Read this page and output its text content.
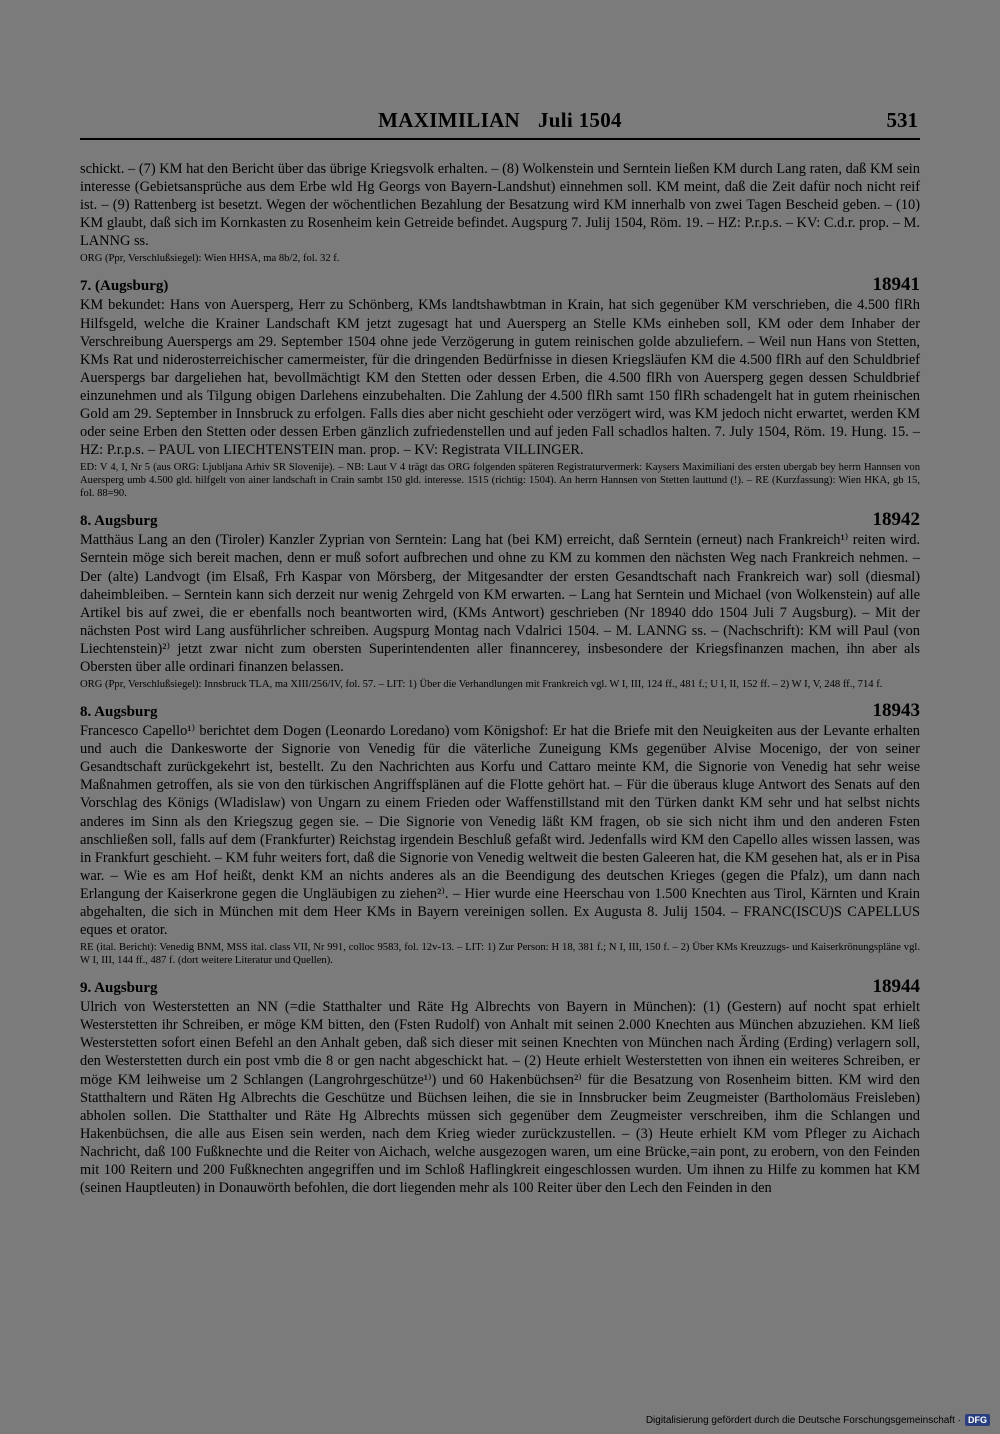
MAXIMILIAN Juli 1504	531
schickt. – (7) KM hat den Bericht über das übrige Kriegsvolk erhalten. – (8) Wolkenstein und Serntein ließen KM durch Lang raten, daß KM sein interesse (Gebietsansprüche aus dem Erbe wld Hg Georgs von Bayern-Landshut) einnehmen soll. KM meint, daß die Zeit dafür noch nicht reif ist. – (9) Rattenberg ist besetzt. Wegen der wöchentlichen Bezahlung der Besatzung wird KM innerhalb von zwei Tagen Bescheid geben. – (10) KM glaubt, daß sich im Kornkasten zu Rosenheim kein Getreide befindet. Augspurg 7. Julij 1504, Röm. 19. – HZ: P.r.p.s. – KV: C.d.r. prop. – M. LANNG ss.
ORG (Ppr, Verschlußsiegel): Wien HHSA, ma 8b/2, fol. 32 f.
7. (Augsburg)	18941
KM bekundet: Hans von Auersperg, Herr zu Schönberg, KMs landtshawbtman in Krain, hat sich gegenüber KM verschrieben, die 4.500 flRh Hilfsgeld, welche die Krainer Landschaft KM jetzt zugesagt hat und Auersperg an Stelle KMs einheben soll, KM oder dem Inhaber der Verschreibung Auerspergs am 29. September 1504 ohne jede Verzögerung in gutem reinischen golde abzuliefern. – Weil nun Hans von Stetten, KMs Rat und niderosterreichischer camermeister, für die dringenden Bedürfnisse in diesen Kriegsläufen KM die 4.500 flRh auf den Schuldbrief Auerspergs bar dargeliehen hat, bevollmächtigt KM den Stetten oder dessen Erben, die 4.500 flRh von Auersperg gegen dessen Schuldbrief einzunehmen und als Tilgung obigen Darlehens einzubehalten. Die Zahlung der 4.500 flRh samt 150 flRh schadengelt hat in gutem rheinischen Gold am 29. September in Innsbruck zu erfolgen. Falls dies aber nicht geschieht oder verzögert wird, was KM jedoch nicht erwartet, werden KM oder seine Erben den Stetten oder dessen Erben gänzlich zufriedenstellen und auf jeden Fall schadlos halten. 7. July 1504, Röm. 19. Hung. 15. – HZ: P.r.p.s. – PAUL von LIECHTENSTEIN man. prop. – KV: Registrata VILLINGER.
ED: V 4, I, Nr 5 (aus ORG: Ljubljana Arhiv SR Slovenije). – NB: Laut V 4 trägt das ORG folgenden späteren Registraturvermerk: Kaysers Maximiliani des ersten ubergab bey herrn Hannsen von Auersperg umb 4.500 gld. hilfgelt von ainer landschaft in Crain sambt 150 gld. interesse. 1515 (richtig: 1504). An herrn Hannsen von Stetten lauttund (!). – RE (Kurzfassung): Wien HKA, gb 15, fol. 88=90.
8. Augsburg	18942
Matthäus Lang an den (Tiroler) Kanzler Zyprian von Serntein: Lang hat (bei KM) erreicht, daß Serntein (erneut) nach Frankreich¹⁾ reiten wird. Serntein möge sich bereit machen, denn er muß sofort aufbrechen und ohne zu KM zu kommen den nächsten Weg nach Frankreich nehmen. – Der (alte) Landvogt (im Elsaß, Frh Kaspar von Mörsberg, der Mitgesandter der ersten Gesandtschaft nach Frankreich war) soll (diesmal) daheimbleiben. – Serntein kann sich derzeit nur wenig Zehrgeld von KM erwarten. – Lang hat Serntein und Michael (von Wolkenstein) auf alle Artikel bis auf zwei, die er ebenfalls noch beantworten wird, (KMs Antwort) geschrieben (Nr 18940 ddo 1504 Juli 7 Augsburg). – Mit der nächsten Post wird Lang ausführlicher schreiben. Augspurg Montag nach Vdalrici 1504. – M. LANNG ss. – (Nachschrift): KM will Paul (von Liechtenstein)²⁾ jetzt zwar nicht zum obersten Superintendenten aller finanncerey, insbesondere der Kriegsfinanzen machen, ihn aber als Obersten über alle ordinari finanzen belassen.
ORG (Ppr, Verschlußsiegel): Innsbruck TLA, ma XIII/256/IV, fol. 57. – LIT: 1) Über die Verhandlungen mit Frankreich vgl. W I, III, 124 ff., 481 f.; U I, II, 152 ff. – 2) W I, V, 248 ff., 714 f.
8. Augsburg	18943
Francesco Capello¹⁾ berichtet dem Dogen (Leonardo Loredano) vom Königshof: Er hat die Briefe mit den Neuigkeiten aus der Levante erhalten und auch die Dankesworte der Signorie von Venedig für die väterliche Zuneigung KMs gegenüber Alvise Mocenigo, der von seiner Gesandtschaft zurückgekehrt ist, bestellt. Zu den Nachrichten aus Korfu und Cattaro meinte KM, die Signorie von Venedig hat sehr weise Maßnahmen getroffen, als sie von den türkischen Angriffsplänen auf die Flotte gehört hat. – Für die überaus kluge Antwort des Senats auf den Vorschlag des Königs (Wladislaw) von Ungarn zu einem Frieden oder Waffenstillstand mit den Türken dankt KM sehr und hat selbst nichts anderes im Sinn als den Kriegszug gegen sie. – Die Signorie von Venedig läßt KM fragen, ob sie sich nicht ihm und den anderen Fsten anschließen soll, falls auf dem (Frankfurter) Reichstag irgendein Beschluß gefaßt wird. Jedenfalls wird KM den Capello alles wissen lassen, was in Frankfurt geschieht. – KM fuhr weiters fort, daß die Signorie von Venedig weltweit die besten Galeeren hat, die KM gesehen hat, als er in Pisa war. – Wie es am Hof heißt, denkt KM an nichts anderes als an die Beendigung des deutschen Krieges (gegen die Pfalz), um dann nach Erlangung der Kaiserkrone gegen die Ungläubigen zu ziehen²⁾. – Hier wurde eine Heerschau von 1.500 Knechten aus Tirol, Kärnten und Krain abgehalten, die sich in München mit dem Heer KMs in Bayern vereinigen sollen. Ex Augusta 8. Julij 1504. – FRANC(ISCU)S CAPELLUS eques et orator.
RE (ital. Bericht): Venedig BNM, MSS ital. class VII, Nr 991, colloc 9583, fol. 12v-13. – LIT: 1) Zur Person: H 18, 381 f.; N I, III, 150 f. – 2) Über KMs Kreuzzugs- und Kaiserkrönungspläne vgl. W I, III, 144 ff., 487 f. (dort weitere Literatur und Quellen).
9. Augsburg	18944
Ulrich von Westerstetten an NN (=die Statthalter und Räte Hg Albrechts von Bayern in München): (1) (Gestern) auf nocht spat erhielt Westerstetten ihr Schreiben, er möge KM bitten, den (Fsten Rudolf) von Anhalt mit seinen 2.000 Knechten aus München abzuziehen. KM ließ Westerstetten sofort einen Befehl an den Anhalt geben, daß sich dieser mit seinen Knechten von München nach Ärding (Erding) verlagern soll, den Westerstetten durch ein post vmb die 8 or gen nacht abgeschickt hat. – (2) Heute erhielt Westerstetten von ihnen ein weiteres Schreiben, er möge KM leihweise um 2 Schlangen (Langrohrgeschütze¹⁾) und 60 Hakenbüchsen²⁾ für die Besatzung von Rosenheim bitten. KM wird den Statthaltern und Räten Hg Albrechts die Geschütze und Büchsen leihen, die sie in Innsbrucker beim Zeugmeister (Bartholomäus Freisleben) abholen sollen. Die Statthalter und Räte Hg Albrechts müssen sich gegenüber dem Zeugmeister verschreiben, ihm die Schlangen und Hakenbüchsen, die alle aus Eisen sein werden, nach dem Krieg wieder zurückzustellen. – (3) Heute erhielt KM vom Pfleger zu Aichach Nachricht, daß 100 Fußknechte und die Reiter von Aichach, welche ausgezogen waren, um eine Brücke,=ain pont, zu erobern, von den Feinden mit 100 Reitern und 200 Fußknechten angegriffen und im Schloß Haflingkreit eingeschlossen wurden. Um ihnen zu Hilfe zu kommen hat KM (seinen Hauptleuten) in Donauwörth befohlen, die dort liegenden mehr als 100 Reiter über den Lech den Feinden in den
Digitalisierung gefördert durch die Deutsche Forschungsgemeinschaft · DFG
